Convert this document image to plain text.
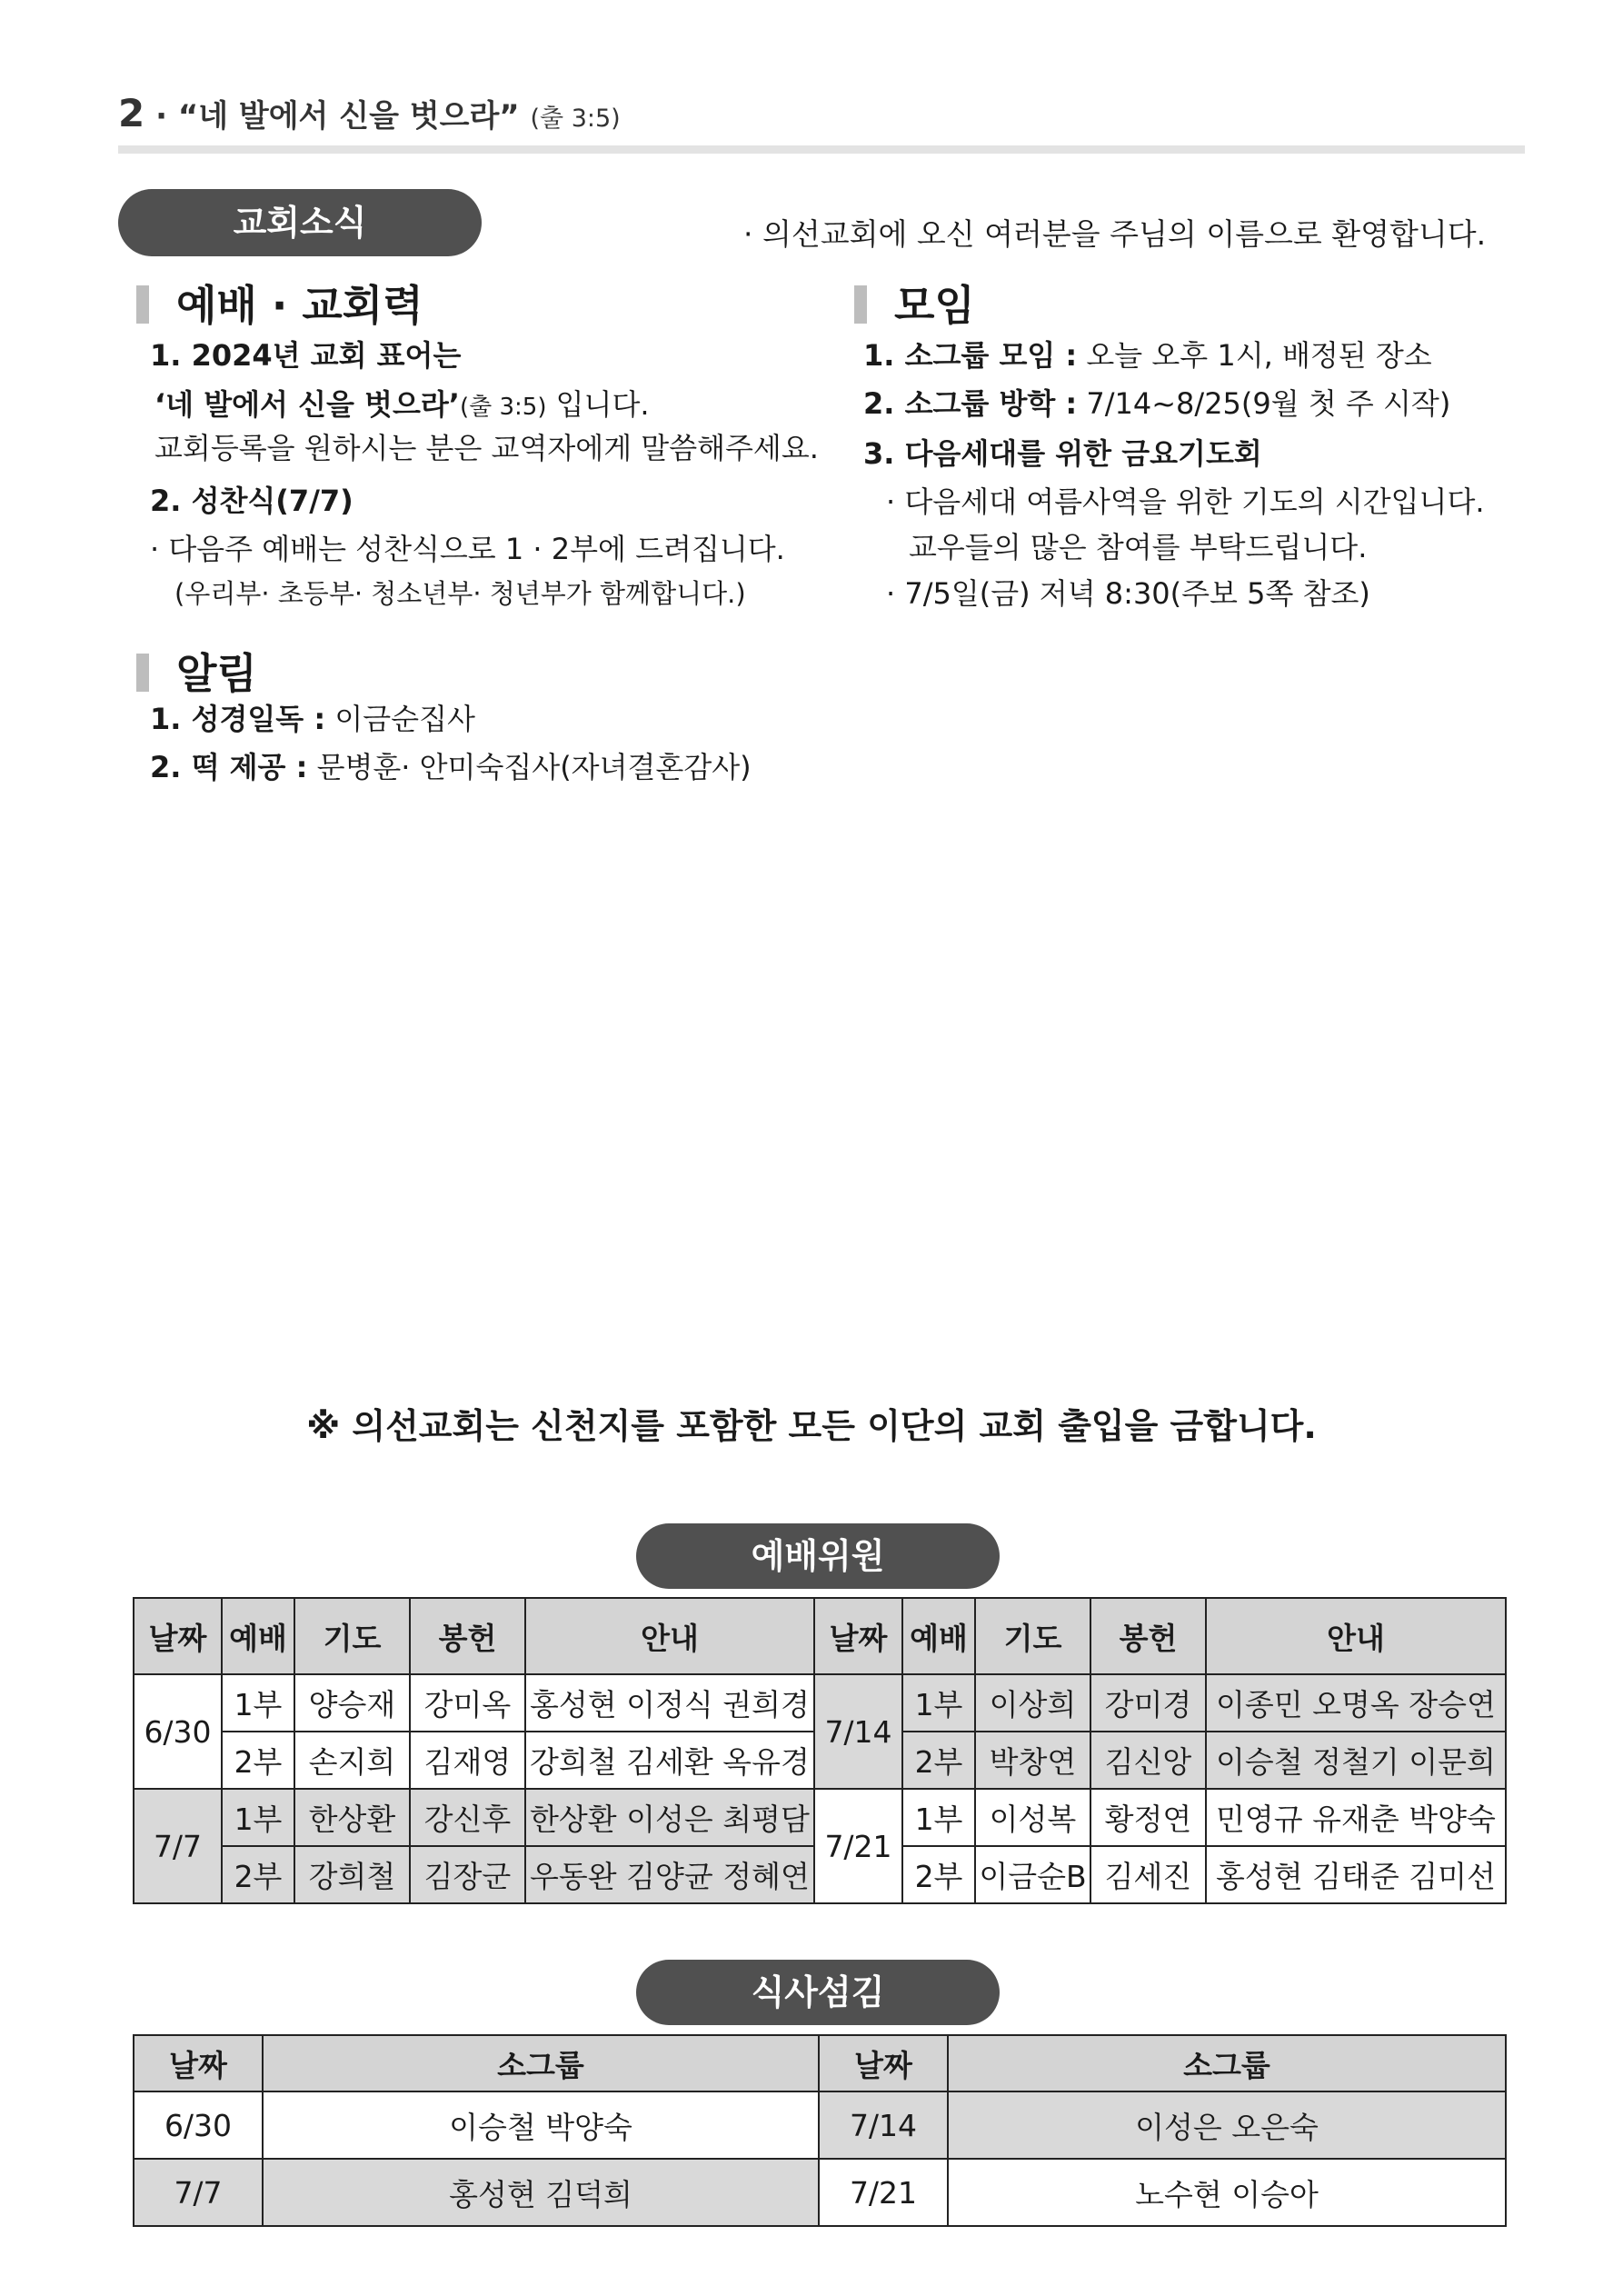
2 · “네 발에서 신을 벗으라” (출 3:5)
교회소식	· 의선교회에 오신 여러분을 주님의 이름으로 환영합니다.
예배 · 교회력
1. 2024년 교회 표어는
‘네 발에서 신을 벗으라’(출 3:5) 입니다.
교회등록을 원하시는 분은 교역자에게 말씀해주세요.
2. 성찬식(7/7)
· 다음주 예배는 성찬식으로 1 · 2부에 드려집니다.
(우리부· 초등부· 청소년부· 청년부가 함께합니다.)
알림
1. 성경일독 : 이금순집사
2. 떡 제공 : 문병훈· 안미숙집사(자녀결혼감사)
모임
1. 소그룹 모임 : 오늘 오후 1시, 배정된 장소
2. 소그룹 방학 : 7/14~8/25(9월 첫 주 시작)
3. 다음세대를 위한 금요기도회
· 다음세대 여름사역을 위한 기도의 시간입니다.
교우들의 많은 참여를 부탁드립니다.
· 7/5일(금) 저녁 8:30(주보 5쪽 참조)
※ 의선교회는 신천지를 포함한 모든 이단의 교회 출입을 금합니다.
예배위원
날짜	예배	기도	봉헌	안내	날짜	예배	기도	봉헌	안내
6/30	1부	양승재	강미옥	홍성현 이정식 권희경	7/14	1부	이상희	강미경	이종민 오명옥 장승연
	2부	손지희	김재영	강희철 김세환 옥유경		2부	박창연	김신앙	이승철 정철기 이문희
7/7	1부	한상환	강신후	한상환 이성은 최평담	7/21	1부	이성복	황정연	민영규 유재춘 박양숙
	2부	강희철	김장군	우동완 김양균 정혜연		2부	이금순B	김세진	홍성현 김태준 김미선
식사섬김
날짜	소그룹	날짜	소그룹
6/30	이승철 박양숙	7/14	이성은 오은숙
7/7	홍성현 김덕희	7/21	노수현 이승아
